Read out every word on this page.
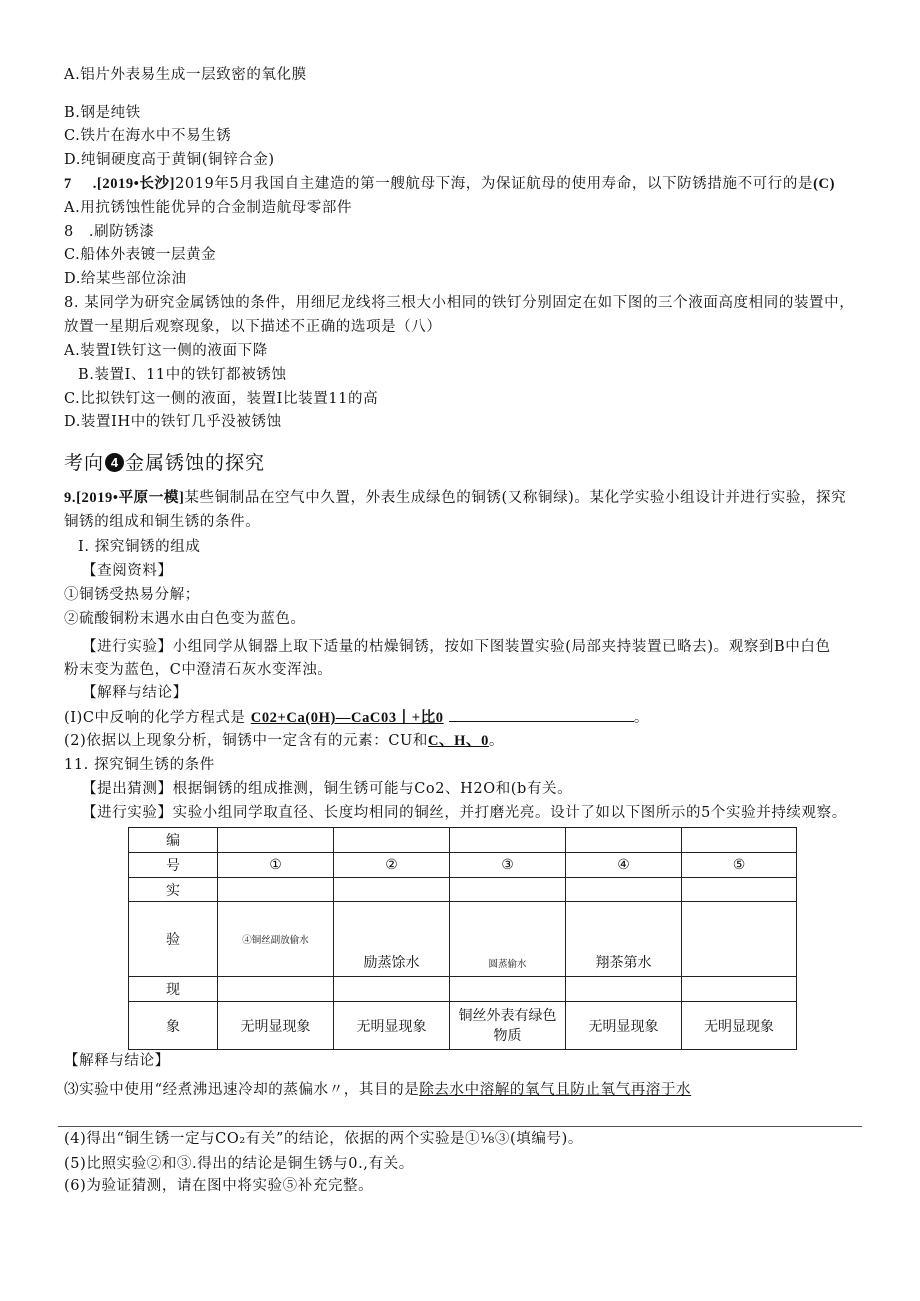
A.铝片外表易生成一层致密的氧化膜
B.钢是纯铁
C.铁片在海水中不易生锈
D.纯铜硬度高于黄铜(铜锌合金)
7 .[2019•长沙]2019年5月我国自主建造的第一艘航母下海，为保证航母的使用寿命，以下防锈措施不可行的是(C)
A.用抗锈蚀性能优异的合金制造航母零部件
8　.刷防锈漆
C.船体外表镀一层黄金
D.给某些部位涂油
8. 某同学为研究金属锈蚀的条件，用细尼龙线将三根大小相同的铁钉分别固定在如下图的三个液面高度相同的装置中，
放置一星期后观察现象，以下描述不正确的选项是（八）
A.装置I铁钉这一侧的液面下降
B.装置I、11中的铁钉都被锈蚀
C.比拟铁钉这一侧的液面，装置I比装置11的高
D.装置IH中的铁钉几乎没被锈蚀
考向 4 金属锈蚀的探究
9.[2019•平原一模]某些铜制品在空气中久置，外表生成绿色的铜锈(又称铜绿)。某化学实验小组设计并进行实验，探究
铜锈的组成和铜生锈的条件。
I. 探究铜锈的组成
【查阅资料】
①铜锈受热易分解；
②硫酸铜粉末遇水由白色变为蓝色。
【进行实验】小组同学从铜器上取下适量的枯燥铜锈，按如下图装置实验(局部夹持装置已略去)。观察到B中白色
粉末变为蓝色，C中澄清石灰水变浑浊。
【解释与结论】
(I)C中反响的化学方程式是 C02+Ca(0H)—CaC03丨+比0	。
(2)依据以上现象分析，铜锈中一定含有的元素：CU和C、H、0。
11. 探究铜生锈的条件
【提出猜测】根据铜锈的组成推测，铜生锈可能与Co2、H2O和(b有关。
【进行实验】实验小组同学取直径、长度均相同的铜丝，并打磨光亮。设计了如以下图所示的5个实验并持续观察。
编					
号	①	②	③	④	⑤
实					
验	④铜丝副放偷水	励蒸馀水	圆蒸偷水	翔茶第水	
现					
象	无明显现象	无明显现象	铜丝外表有绿色物质	无明显现象	无明显现象
【解释与结论】
⑶实验中使用“经煮沸迅速冷却的蒸偏水〃，其目的是除去水中溶解的氧气且防止氧气再溶于水
(4)得出“铜生锈一定与CO₂有关”的结论，依据的两个实验是①⅛③(填编号)。
(5)比照实验②和③.得出的结论是铜生锈与0.,有关。
(6)为验证猜测，请在图中将实验⑤补充完整。
